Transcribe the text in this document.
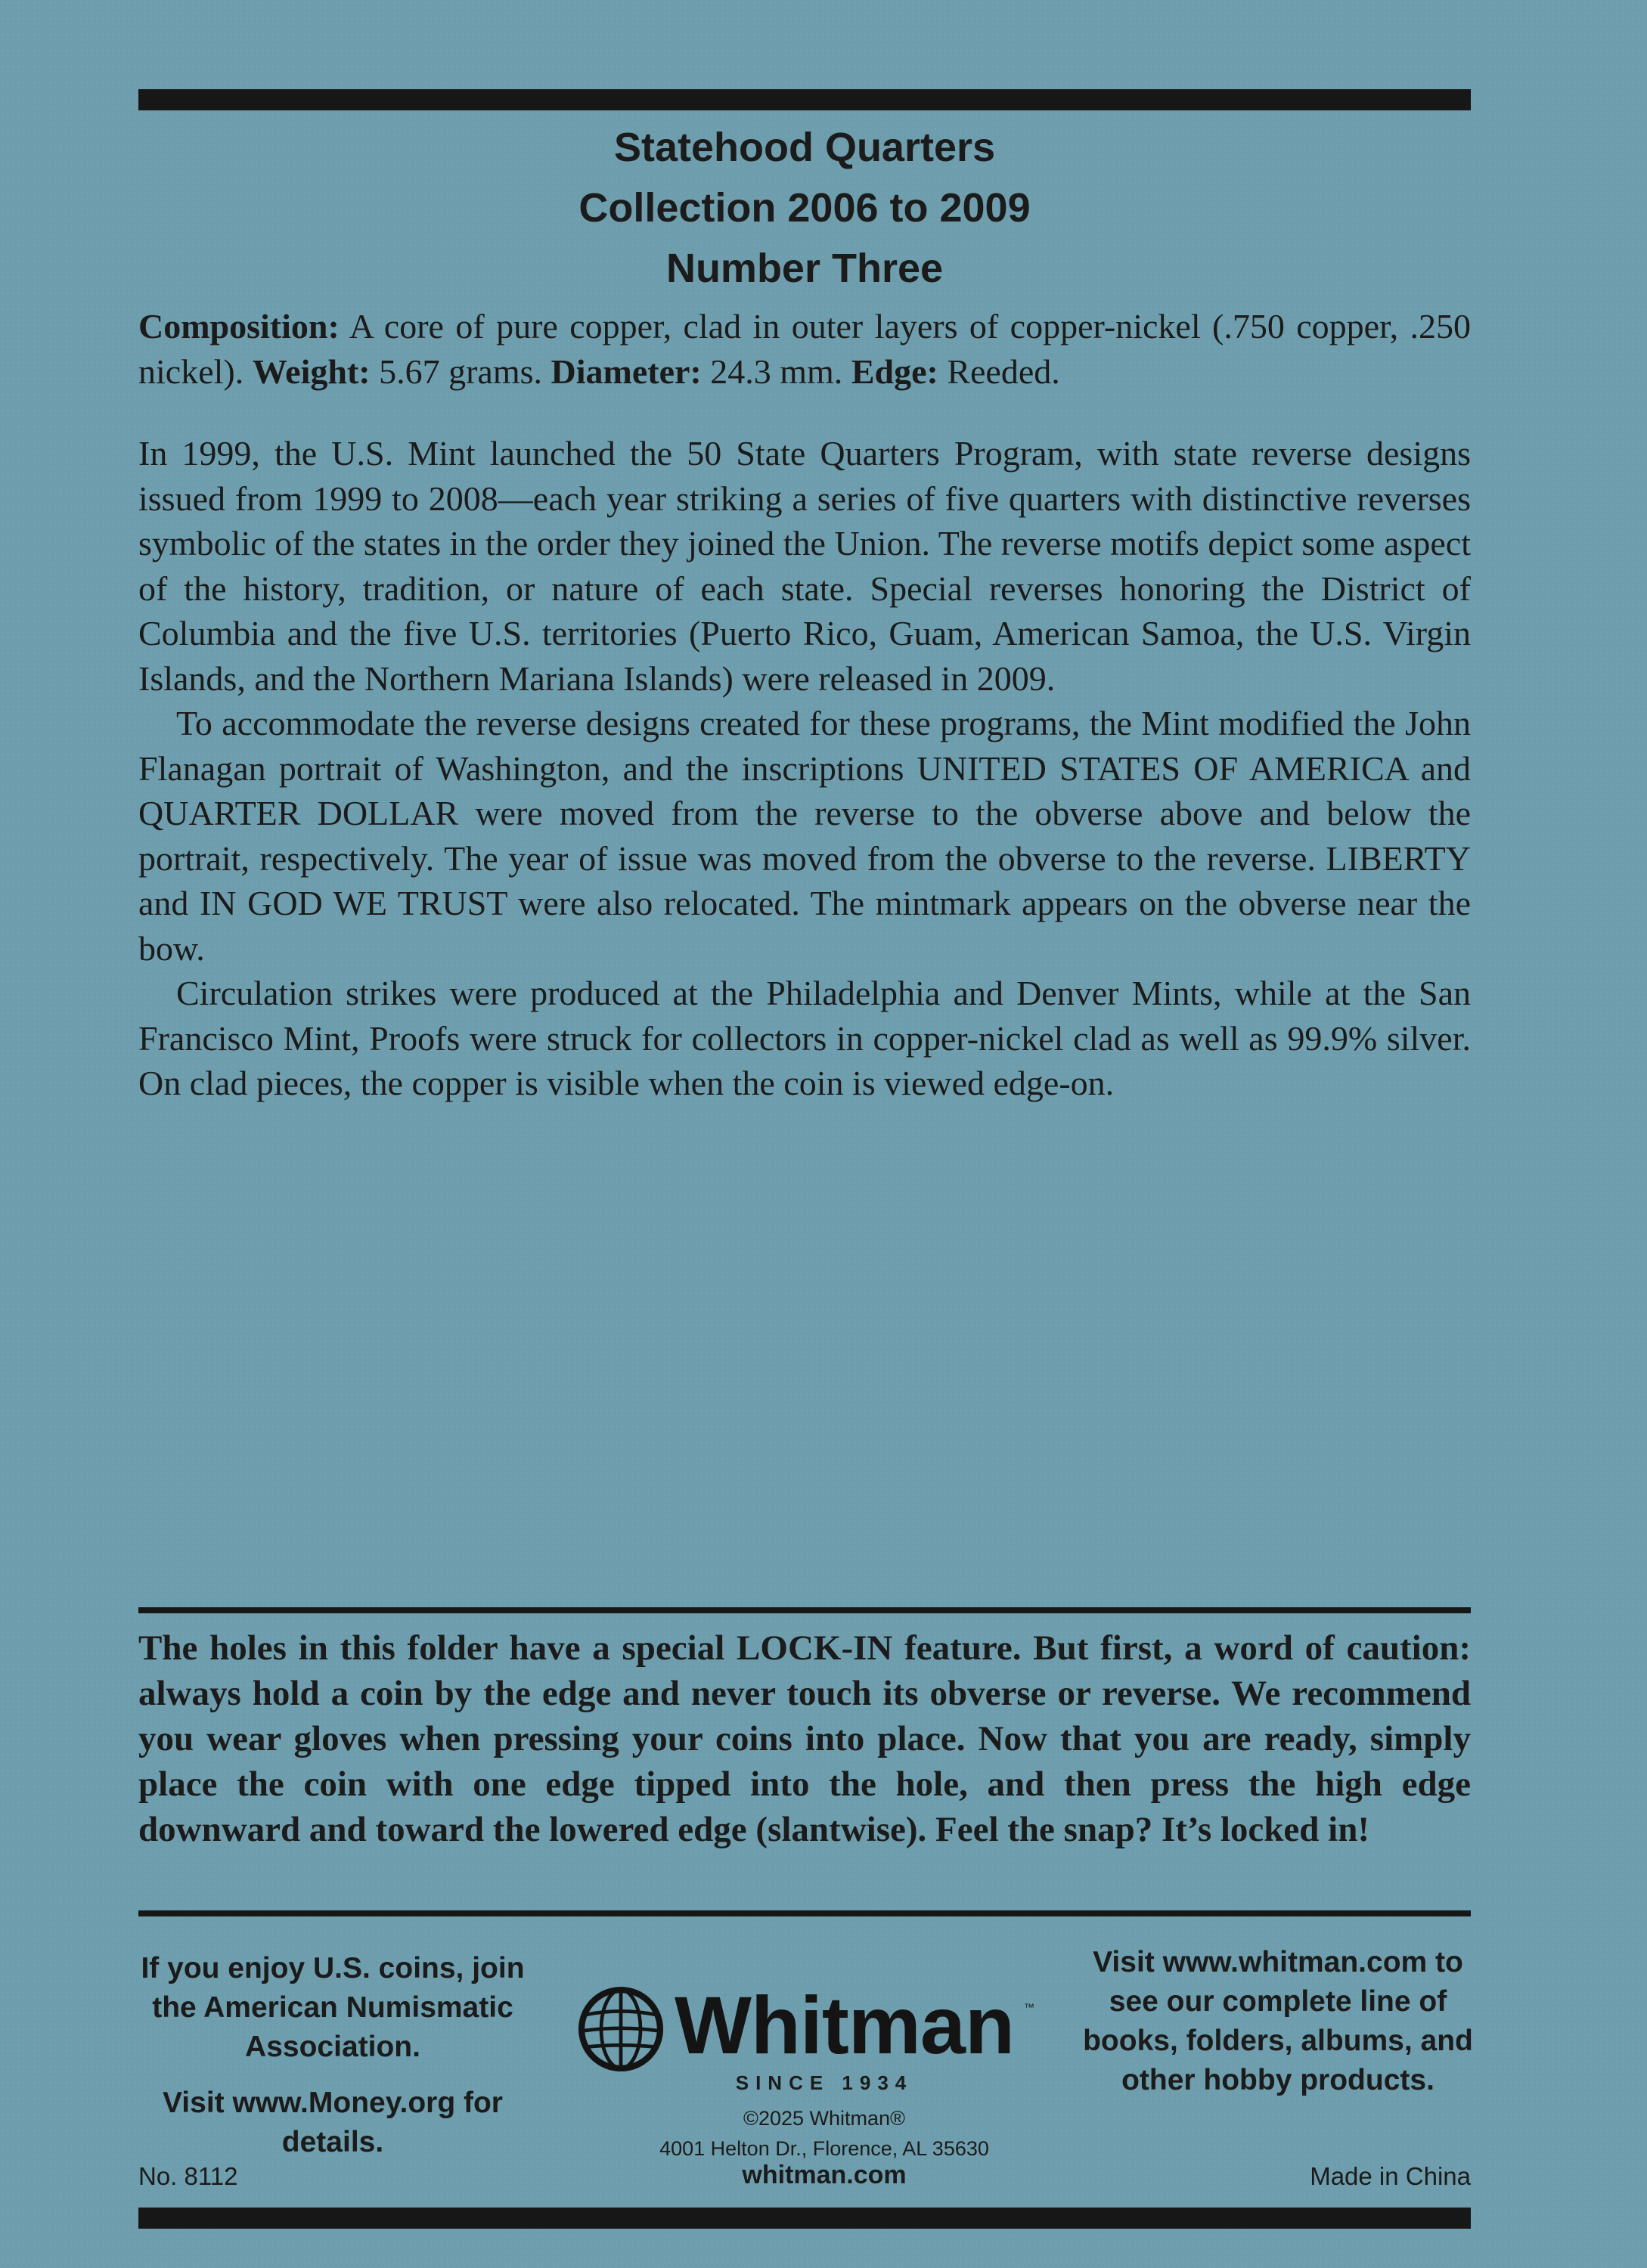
Statehood Quarters
Collection 2006 to 2009
Number Three

Composition: A core of pure copper, clad in outer layers of copper-nickel (.750 copper, .250 nickel). Weight: 5.67 grams. Diameter: 24.3 mm. Edge: Reeded.

In 1999, the U.S. Mint launched the 50 State Quarters Program, with state reverse designs issued from 1999 to 2008—each year striking a series of five quarters with distinctive reverses symbolic of the states in the order they joined the Union. The reverse motifs depict some aspect of the history, tradition, or nature of each state. Special reverses honoring the District of Columbia and the five U.S. territories (Puerto Rico, Guam, American Samoa, the U.S. Virgin Islands, and the Northern Mariana Islands) were released in 2009.

To accommodate the reverse designs created for these programs, the Mint modified the John Flanagan portrait of Washington, and the inscriptions UNITED STATES OF AMERICA and QUARTER DOLLAR were moved from the reverse to the obverse above and below the portrait, respectively. The year of issue was moved from the obverse to the reverse. LIBERTY and IN GOD WE TRUST were also relocated. The mintmark appears on the obverse near the bow.

Circulation strikes were produced at the Philadelphia and Denver Mints, while at the San Francisco Mint, Proofs were struck for collectors in copper-nickel clad as well as 99.9% silver. On clad pieces, the copper is visible when the coin is viewed edge-on.

The holes in this folder have a special LOCK-IN feature. But first, a word of caution: always hold a coin by the edge and never touch its obverse or reverse. We recommend you wear gloves when pressing your coins into place. Now that you are ready, simply place the coin with one edge tipped into the hole, and then press the high edge downward and toward the lowered edge (slantwise). Feel the snap? It’s locked in!

If you enjoy U.S. coins, join the American Numismatic Association.

Visit www.Money.org for details.

Whitman ™
SINCE 1934
©2025 Whitman®
4001 Helton Dr., Florence, AL 35630
whitman.com
Visit www.whitman.com to see our complete line of books, folders, albums, and other hobby products.
No. 8112	Made in China
